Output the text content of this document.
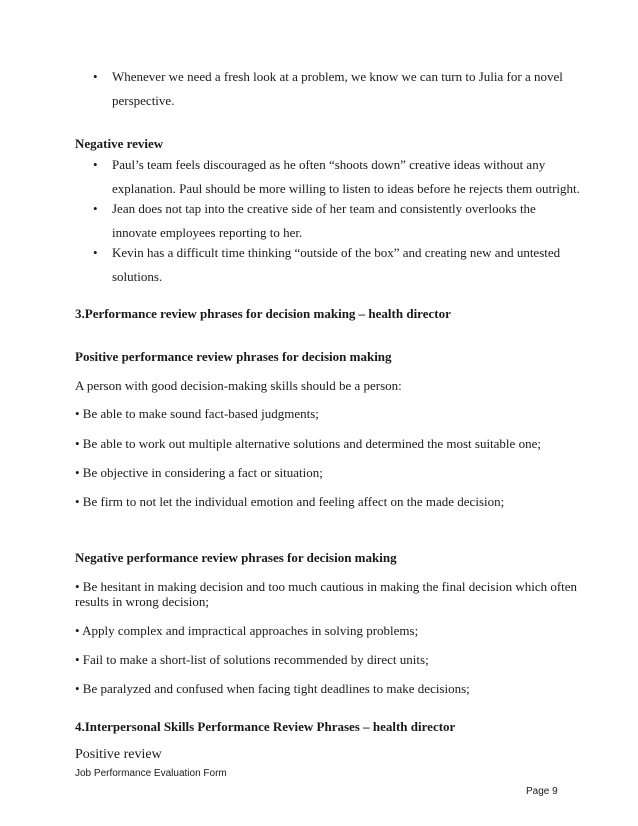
• Whenever we need a fresh look at a problem, we know we can turn to Julia for a novel
perspective.
Negative review
• Paul’s team feels discouraged as he often “shoots down” creative ideas without any
explanation. Paul should be more willing to listen to ideas before he rejects them outright.
• Jean does not tap into the creative side of her team and consistently overlooks the
innovate employees reporting to her.
• Kevin has a difficult time thinking “outside of the box” and creating new and untested
solutions.
3.Performance review phrases for decision making – health director
Positive performance review phrases for decision making
A person with good decision-making skills should be a person:
• Be able to make sound fact-based judgments;
• Be able to work out multiple alternative solutions and determined the most suitable one;
• Be objective in considering a fact or situation;
• Be firm to not let the individual emotion and feeling affect on the made decision;
Negative performance review phrases for decision making
• Be hesitant in making decision and too much cautious in making the final decision which often
results in wrong decision;
• Apply complex and impractical approaches in solving problems;
• Fail to make a short-list of solutions recommended by direct units;
• Be paralyzed and confused when facing tight deadlines to make decisions;
4.Interpersonal Skills Performance Review Phrases – health director
Positive review
Job Performance Evaluation Form
Page 9
